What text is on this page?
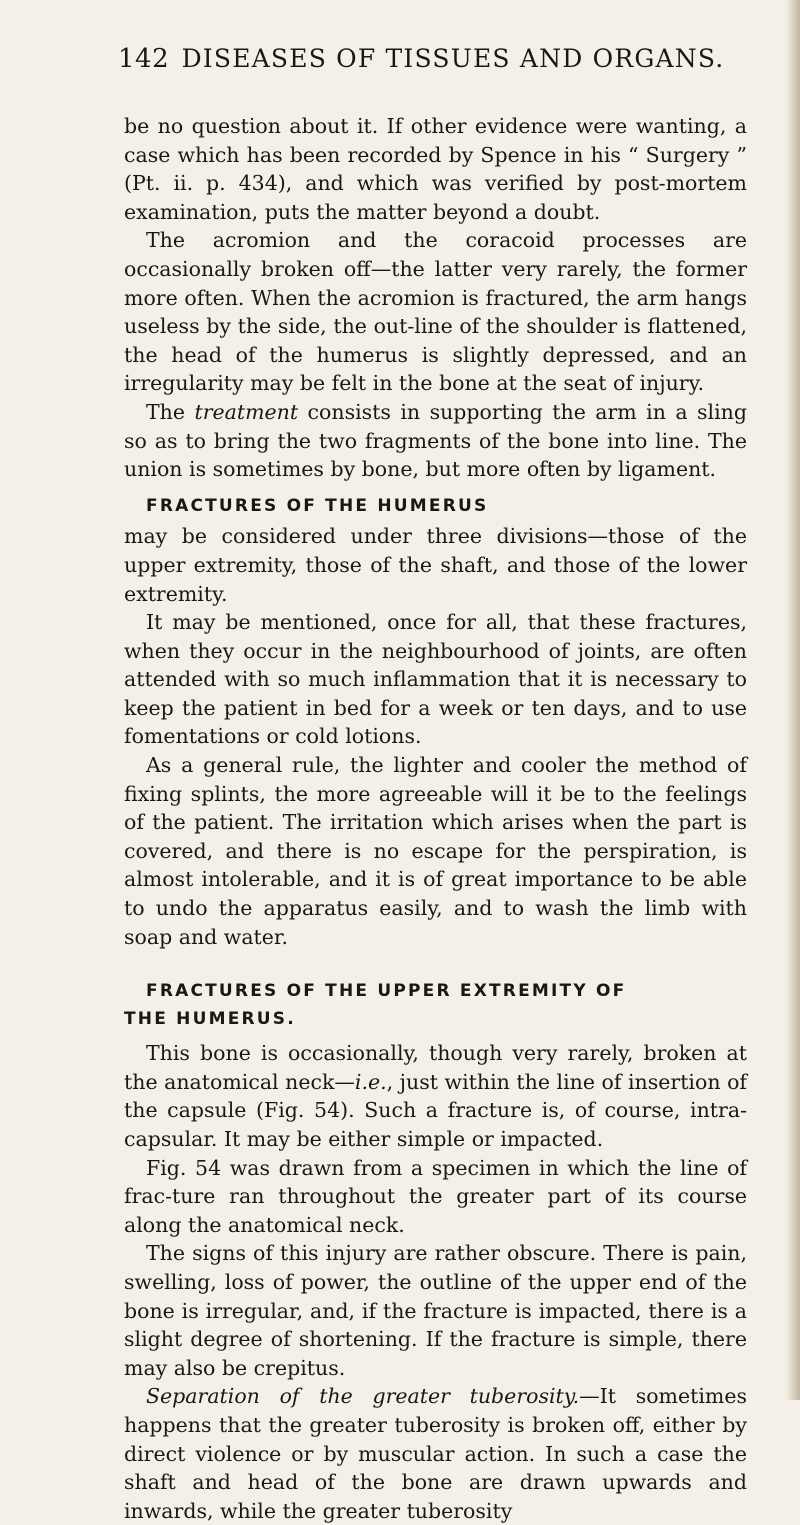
142 DISEASES OF TISSUES AND ORGANS.

be no question about it. If other evidence were wanting, a case which has been recorded by Spence in his “ Surgery ” (Pt. ii. p. 434), and which was verified by post-mortem examination, puts the matter beyond a doubt.

The acromion and the coracoid processes are occasionally broken off—the latter very rarely, the former more often. When the acromion is fractured, the arm hangs useless by the side, the out-line of the shoulder is flattened, the head of the humerus is slightly depressed, and an irregularity may be felt in the bone at the seat of injury.

The treatment consists in supporting the arm in a sling so as to bring the two fragments of the bone into line. The union is sometimes by bone, but more often by ligament.

FRACTURES OF THE HUMERUS

may be considered under three divisions—those of the upper extremity, those of the shaft, and those of the lower extremity.

It may be mentioned, once for all, that these fractures, when they occur in the neighbourhood of joints, are often attended with so much inflammation that it is necessary to keep the patient in bed for a week or ten days, and to use fomentations or cold lotions.

As a general rule, the lighter and cooler the method of fixing splints, the more agreeable will it be to the feelings of the patient. The irritation which arises when the part is covered, and there is no escape for the perspiration, is almost intolerable, and it is of great importance to be able to undo the apparatus easily, and to wash the limb with soap and water.

FRACTURES OF THE UPPER EXTREMITY OF
THE HUMERUS.

This bone is occasionally, though very rarely, broken at the anatomical neck—i.e., just within the line of insertion of the capsule (Fig. 54). Such a fracture is, of course, intra-capsular. It may be either simple or impacted.

Fig. 54 was drawn from a specimen in which the line of frac-ture ran throughout the greater part of its course along the anatomical neck.

The signs of this injury are rather obscure. There is pain, swelling, loss of power, the outline of the upper end of the bone is irregular, and, if the fracture is impacted, there is a slight degree of shortening. If the fracture is simple, there may also be crepitus.

Separation of the greater tuberosity.—It sometimes happens that the greater tuberosity is broken off, either by direct violence or by muscular action. In such a case the shaft and head of the bone are drawn upwards and inwards, while the greater tuberosity
